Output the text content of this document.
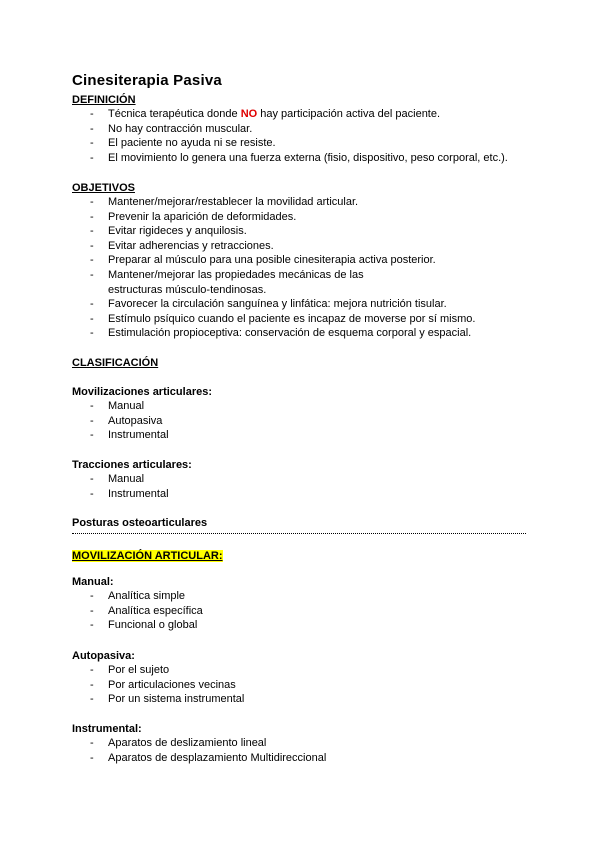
Cinesiterapia Pasiva
DEFINICIÓN
- Técnica terapéutica donde NO hay participación activa del paciente.
- No hay contracción muscular.
- El paciente no ayuda ni se resiste.
- El movimiento lo genera una fuerza externa (fisio, dispositivo, peso corporal, etc.).
OBJETIVOS
- Mantener/mejorar/restablecer la movilidad articular.
- Prevenir la aparición de deformidades.
- Evitar rigideces y anquilosis.
- Evitar adherencias y retracciones.
- Preparar al músculo para una posible cinesiterapia activa posterior.
- Mantener/mejorar las propiedades mecánicas de las estructuras músculo-tendinosas.
- Favorecer la circulación sanguínea y linfática: mejora nutrición tisular.
- Estímulo psíquico cuando el paciente es incapaz de moverse por sí mismo.
- Estimulación propioceptiva: conservación de esquema corporal y espacial.
CLASIFICACIÓN
Movilizaciones articulares:
- Manual
- Autopasiva
- Instrumental
Tracciones articulares:
- Manual
- Instrumental
Posturas osteoarticulares
MOVILIZACIÓN ARTICULAR:
Manual:
- Analítica simple
- Analítica específica
- Funcional o global
Autopasiva:
- Por el sujeto
- Por articulaciones vecinas
- Por un sistema instrumental
Instrumental:
- Aparatos de deslizamiento lineal
- Aparatos de desplazamiento Multidireccional
